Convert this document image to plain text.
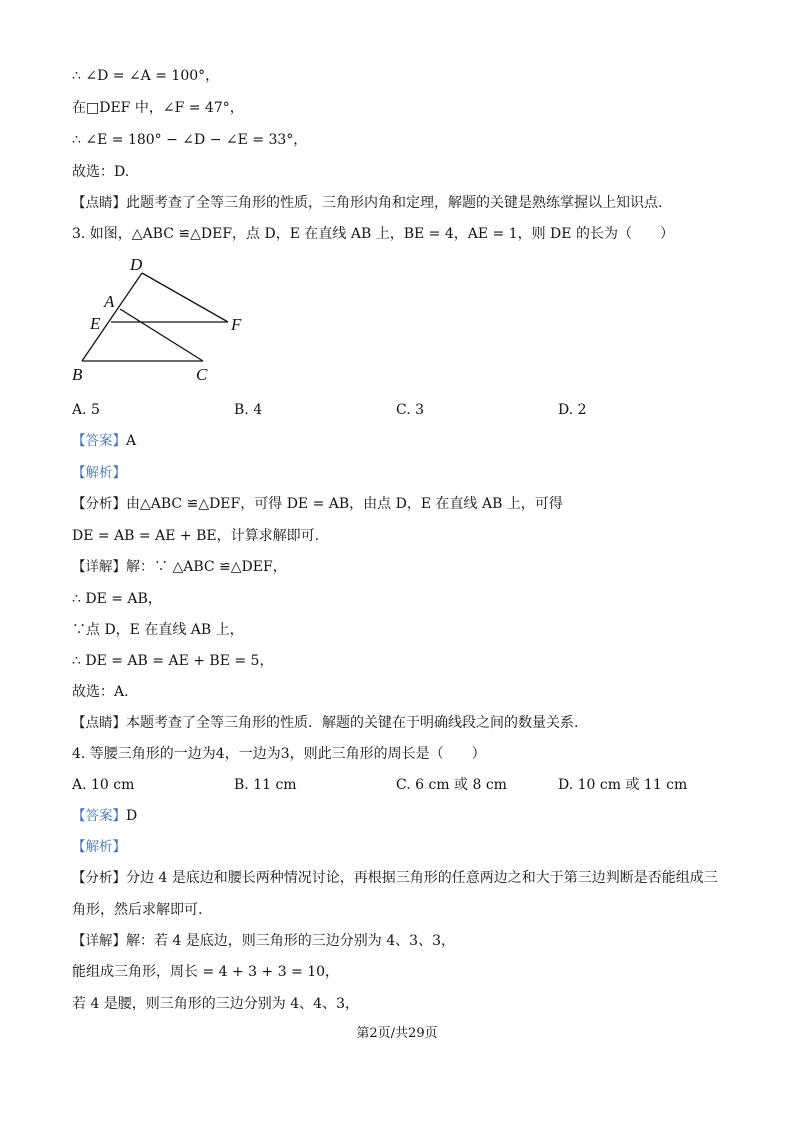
∴ ∠D = ∠A = 100°，
在□DEF 中，∠F = 47°，
∴ ∠E = 180° − ∠D − ∠E = 33°，
故选：D.
【点睛】此题考查了全等三角形的性质，三角形内角和定理，解题的关键是熟练掌握以上知识点.
3. 如图，△ABC ≌△DEF，点 D，E 在直线 AB 上，BE = 4，AE = 1，则 DE 的长为（　　）
D
A
E	F
B	C
A. 5	B. 4	C. 3	D. 2
【答案】A
【解析】
【分析】由△ABC ≌△DEF，可得 DE = AB，由点 D，E 在直线 AB 上，可得
DE = AB = AE + BE，计算求解即可.
【详解】解：∵ △ABC ≌△DEF，
∴ DE = AB，
∵点 D，E 在直线 AB 上，
∴ DE = AB = AE + BE = 5，
故选：A.
【点睛】本题考查了全等三角形的性质．解题的关键在于明确线段之间的数量关系.
4. 等腰三角形的一边为4，一边为3，则此三角形的周长是（　　）
A. 10 cm	B. 11 cm	C. 6 cm 或 8 cm	D. 10 cm 或 11 cm
【答案】D
【解析】
【分析】分边 4 是底边和腰长两种情况讨论，再根据三角形的任意两边之和大于第三边判断是否能组成三
角形，然后求解即可.
【详解】解：若 4 是底边，则三角形的三边分别为 4、3、3，
能组成三角形，周长 = 4 + 3 + 3 = 10，
若 4 是腰，则三角形的三边分别为 4、4、3，
第2页/共29页
